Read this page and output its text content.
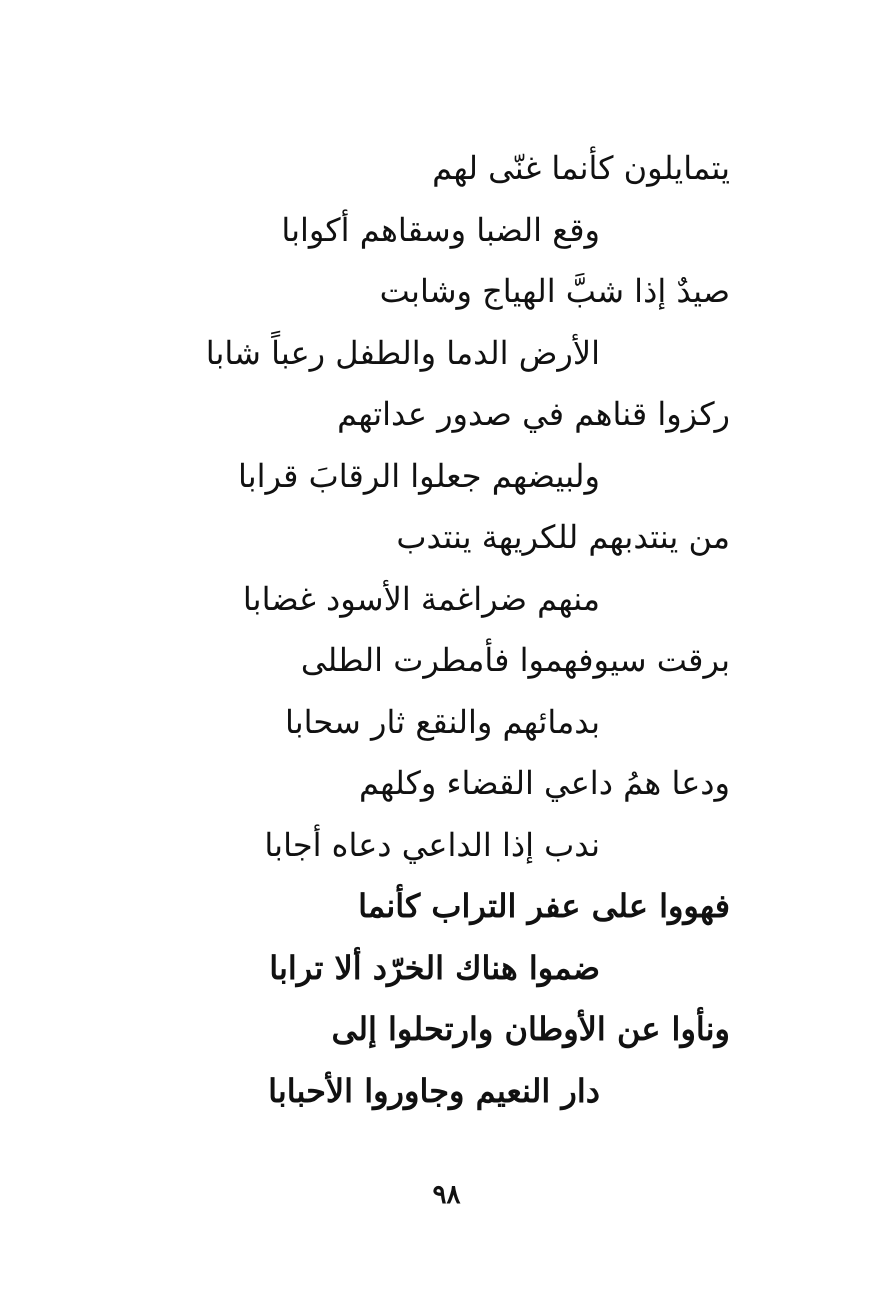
يتمايلون كأنما غنّى لهم
وقع الضبا وسقاهم أكوابا
صيدٌ إذا شبَّ الهياج وشابت
الأرض الدما والطفل رعباً شابا
ركزوا قناهم في صدور عداتهم
ولبيضهم جعلوا الرقابَ قرابا
من ينتدبهم للكريهة ينتدب
منهم ضراغمة الأسود غضابا
برقت سيوفهموا فأمطرت الطلى
بدمائهم والنقع ثار سحابا
ودعا همُ داعي القضاء وكلهم
ندب إذا الداعي دعاه أجابا
فهووا على عفر التراب كأنما
ضموا هناك الخرّد ألا ترابا
ونأوا عن الأوطان وارتحلوا إلى
دار النعيم وجاوروا الأحبابا
٩٨
